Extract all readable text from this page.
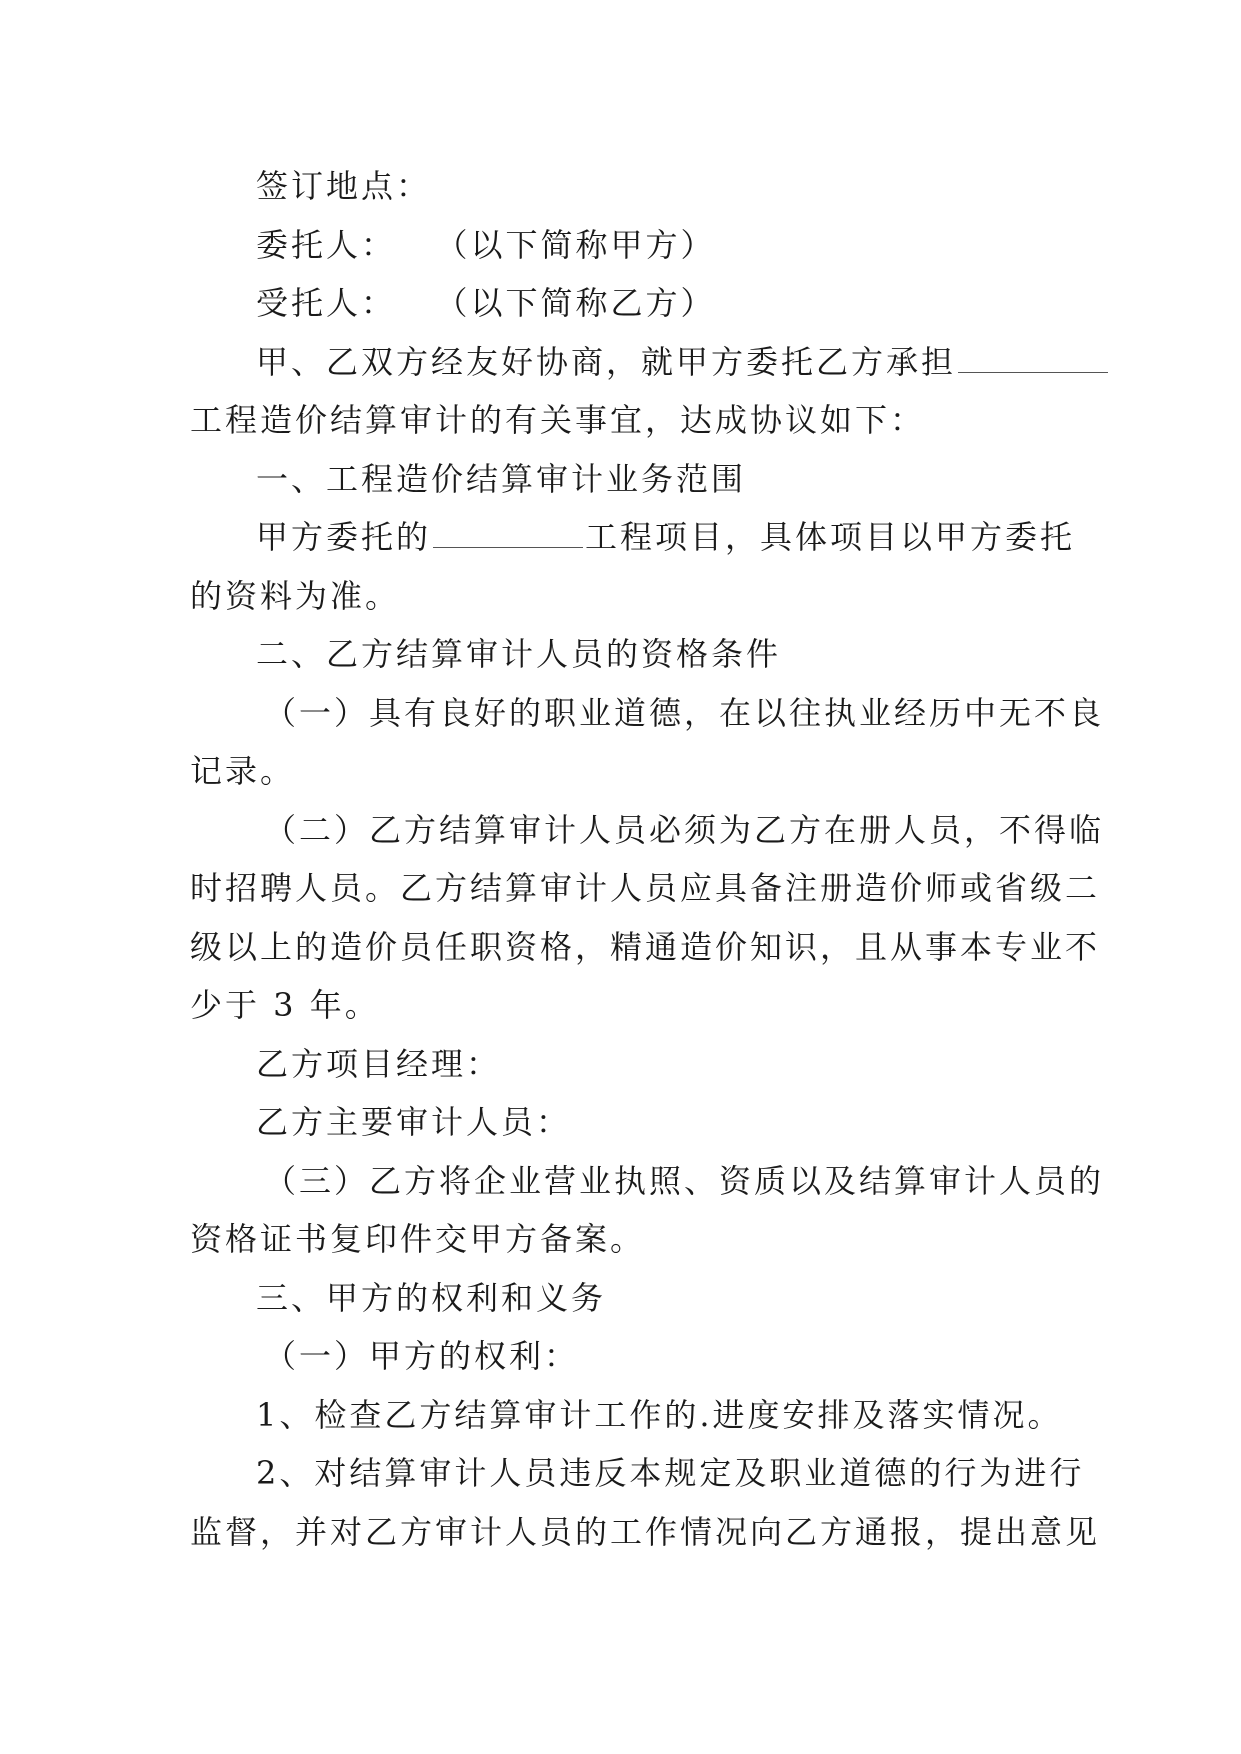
签订地点：

委托人：   （以下简称甲方）

受托人：   （以下简称乙方）

甲、乙双方经友好协商，就甲方委托乙方承担

工程造价结算审计的有关事宜，达成协议如下：

一、工程造价结算审计业务范围

甲方委托的	工程项目，具体项目以甲方委托

的资料为准。

二、乙方结算审计人员的资格条件

（一）具有良好的职业道德，在以往执业经历中无不良

记录。

（二）乙方结算审计人员必须为乙方在册人员，不得临

时招聘人员。乙方结算审计人员应具备注册造价师或省级二

级以上的造价员任职资格，精通造价知识，且从事本专业不

少于 3 年。

乙方项目经理：

乙方主要审计人员：

（三）乙方将企业营业执照、资质以及结算审计人员的

资格证书复印件交甲方备案。

三、甲方的权利和义务

（一）甲方的权利：

1、检查乙方结算审计工作的.进度安排及落实情况。

2、对结算审计人员违反本规定及职业道德的行为进行

监督，并对乙方审计人员的工作情况向乙方通报，提出意见
